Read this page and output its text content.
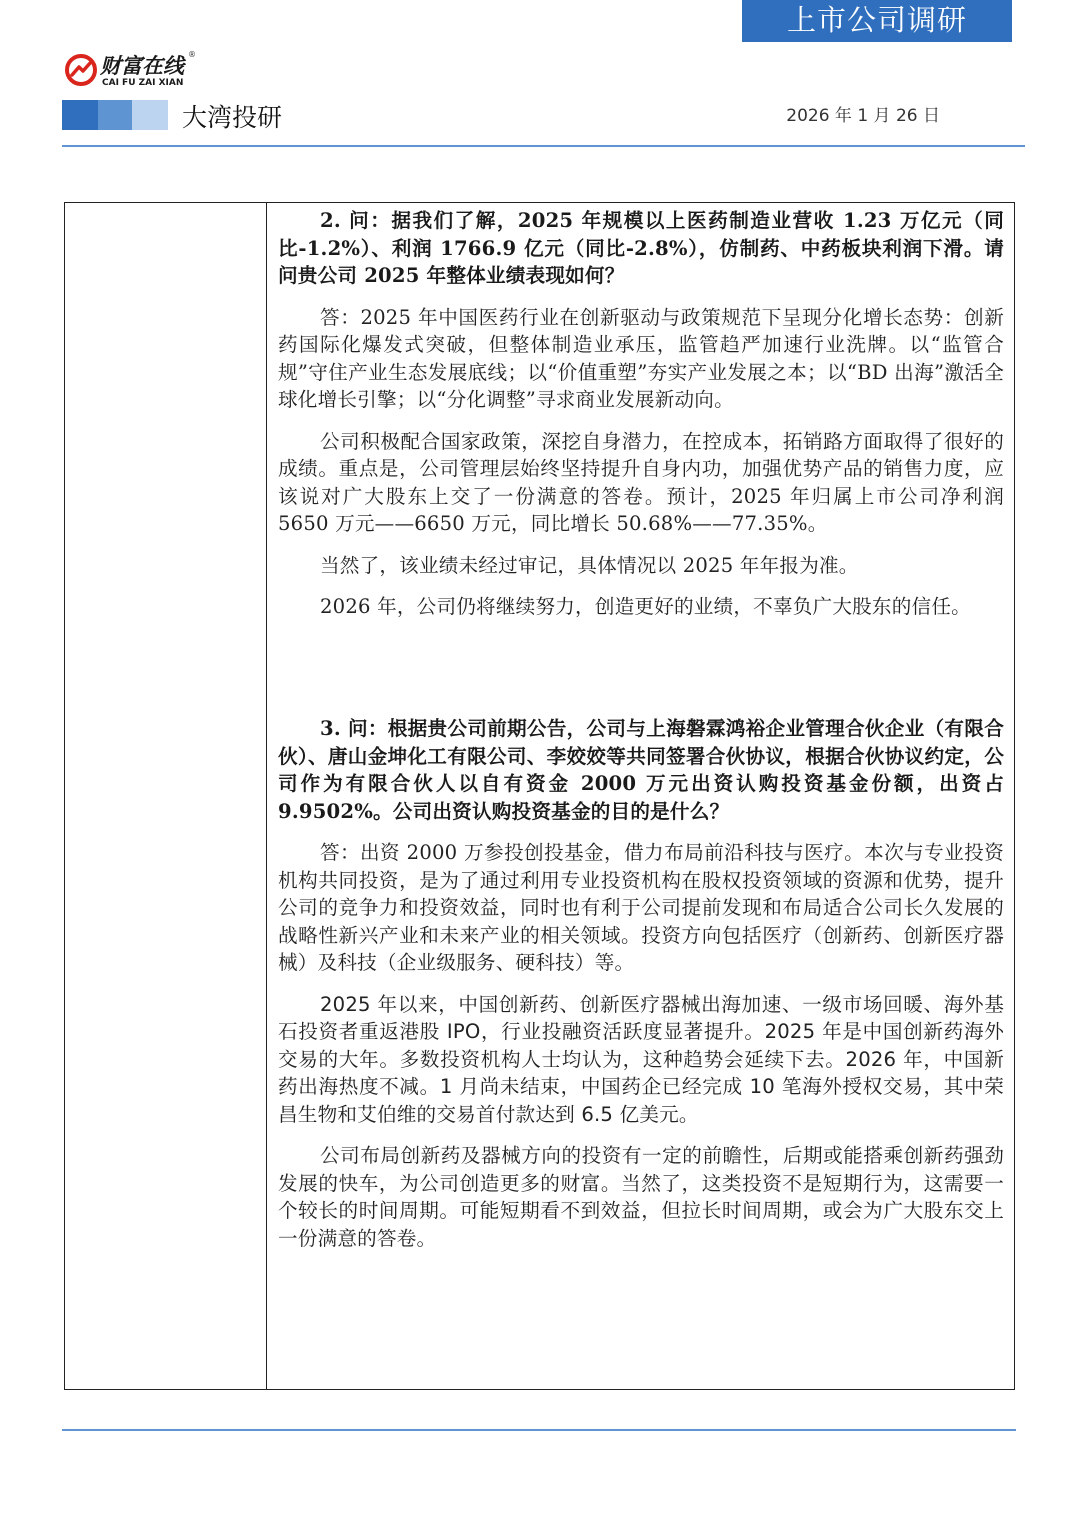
上市公司调研
财富在线 ®
CAI FU ZAI XIAN
大湾投研	2026 年 1 月 26 日

2. 问：据我们了解，2025 年规模以上医药制造业营收 1.23 万亿元（同比-1.2%）、利润 1766.9 亿元（同比-2.8%），仿制药、中药板块利润下滑。请问贵公司 2025 年整体业绩表现如何？

答：2025 年中国医药行业在创新驱动与政策规范下呈现分化增长态势：创新药国际化爆发式突破，但整体制造业承压，监管趋严加速行业洗牌。以“监管合规”守住产业生态发展底线；以“价值重塑”夯实产业发展之本；以“BD 出海”激活全球化增长引擎；以“分化调整”寻求商业发展新动向。

公司积极配合国家政策，深挖自身潜力，在控成本，拓销路方面取得了很好的成绩。重点是，公司管理层始终坚持提升自身内功，加强优势产品的销售力度，应该说对广大股东上交了一份满意的答卷。预计，2025 年归属上市公司净利润 5650 万元——6650 万元，同比增长 50.68%——77.35%。

当然了，该业绩未经过审记，具体情况以 2025 年年报为准。

2026 年，公司仍将继续努力，创造更好的业绩，不辜负广大股东的信任。

3. 问：根据贵公司前期公告，公司与上海磐霖鸿裕企业管理合伙企业（有限合伙）、唐山金坤化工有限公司、李姣姣等共同签署合伙协议，根据合伙协议约定，公司作为有限合伙人以自有资金 2000 万元出资认购投资基金份额，出资占 9.9502%。公司出资认购投资基金的目的是什么？

答：出资 2000 万参投创投基金，借力布局前沿科技与医疗。本次与专业投资机构共同投资，是为了通过利用专业投资机构在股权投资领域的资源和优势，提升公司的竞争力和投资效益，同时也有利于公司提前发现和布局适合公司长久发展的战略性新兴产业和未来产业的相关领域。投资方向包括医疗（创新药、创新医疗器械）及科技（企业级服务、硬科技）等。

2025 年以来，中国创新药、创新医疗器械出海加速、一级市场回暖、海外基石投资者重返港股 IPO，行业投融资活跃度显著提升。2025 年是中国创新药海外交易的大年。多数投资机构人士均认为，这种趋势会延续下去。2026 年，中国新药出海热度不减。1 月尚未结束，中国药企已经完成 10 笔海外授权交易，其中荣昌生物和艾伯维的交易首付款达到 6.5 亿美元。

公司布局创新药及器械方向的投资有一定的前瞻性，后期或能搭乘创新药强劲发展的快车，为公司创造更多的财富。当然了，这类投资不是短期行为，这需要一个较长的时间周期。可能短期看不到效益，但拉长时间周期，或会为广大股东交上一份满意的答卷。
